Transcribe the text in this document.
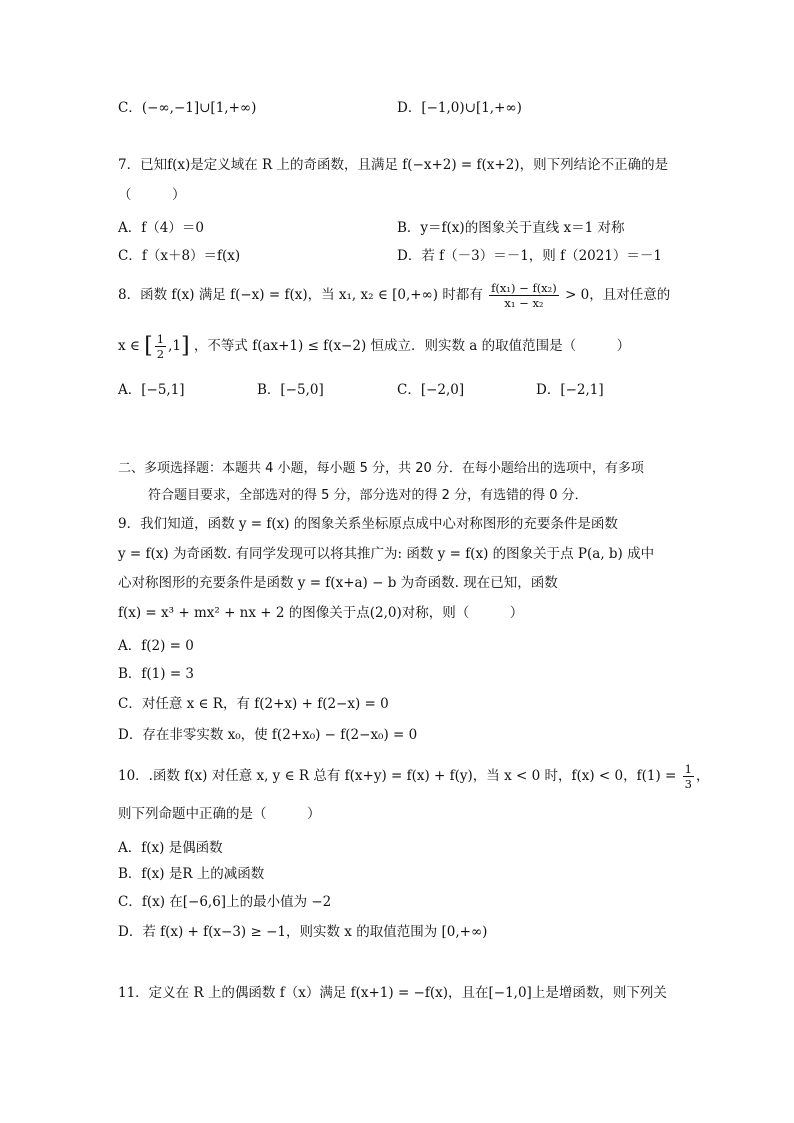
C．(−∞,−1]∪[1,+∞)	D．[−1,0)∪[1,+∞)
7．已知f(x)是定义域在 R 上的奇函数，且满足 f(−x+2) = f(x+2)，则下列结论不正确的是
（　　　）
A．f（4）＝0	B．y＝f(x)的图象关于直线 x＝1 对称
C．f（x＋8）＝f(x)	D．若 f（－3）＝－1，则 f（2021）＝－1
8．函数 f(x) 满足 f(−x) = f(x)，当 x₁, x₂ ∈ [0,+∞) 时都有 $\frac{\text{f(x₁) − f(x₂)}}{\text{x₁ − x₂}} > 0$，且对任意的
x ∈ [ $\frac{1}{2} ,1$] ，不等式 f(ax+1) ≤ f(x−2) 恒成立．则实数 a 的取值范围是（　　　）
A．[−5,1]	B．[−5,0]	C．[−2,0]	D．[−2,1]
二、多项选择题：本题共 4 小题，每小题 5 分，共 20 分．在每小题给出的选项中，有多项
符合题目要求，全部选对的得 5 分，部分选对的得 2 分，有选错的得 0 分．
9．我们知道，函数 y = f(x) 的图象关系坐标原点成中心对称图形的充要条件是函数
y = f(x) 为奇函数. 有同学发现可以将其推广为: 函数 y = f(x) 的图象关于点 P(a, b) 成中
心对称图形的充要条件是函数 y = f(x+a) − b 为奇函数. 现在已知，函数
f(x) = x³ + mx² + nx + 2 的图像关于点(2,0)对称，则（　　　）
A．f(2) = 0
B．f(1) = 3
C．对任意 x ∈ R，有 f(2+x) + f(2−x) = 0
D．存在非零实数 x₀，使 f(2+x₀) − f(2−x₀) = 0
10．.函数 f(x) 对任意 x, y ∈ R 总有 f(x+y) = f(x) + f(y)，当 x < 0 时，f(x) < 0，$f(1) = \frac{1}{3}$ ，
则下列命题中正确的是（　　　）
A．f(x) 是偶函数
B．f(x) 是R 上的减函数
C．f(x) 在[−6,6]上的最小值为 −2
D．若 f(x) + f(x−3) ≥ −1，则实数 x 的取值范围为 [0,+∞)
11．定义在 R 上的偶函数 f（x）满足 f(x+1) = −f(x)，且在[−1,0]上是增函数，则下列关
